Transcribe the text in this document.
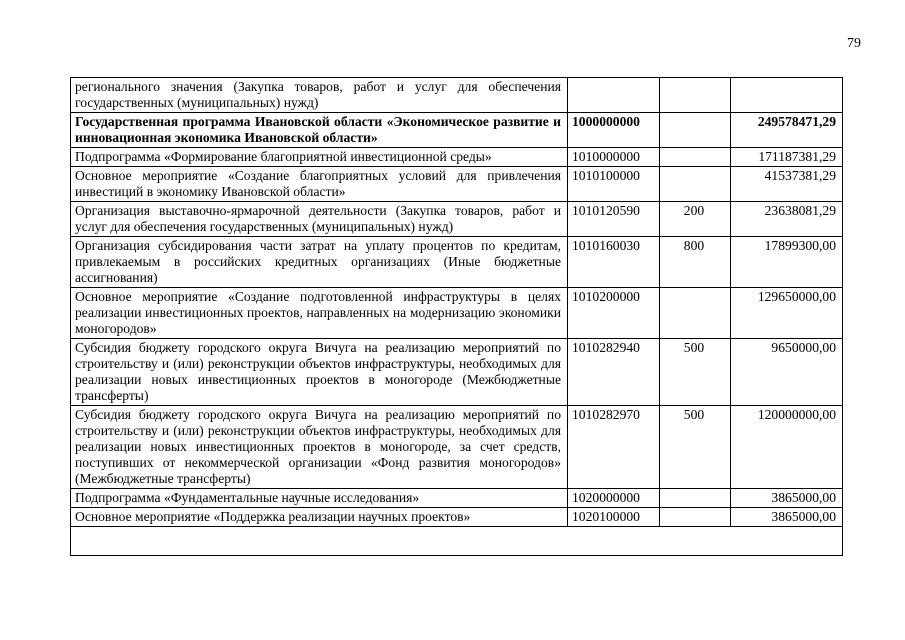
79
регионального значения (Закупка товаров, работ и услуг для обеспечения государственных (муниципальных) нужд)			
Государственная программа Ивановской области «Экономическое развитие и инновационная экономика Ивановской области»	1000000000		249578471,29
Подпрограмма «Формирование благоприятной инвестиционной среды»	1010000000		171187381,29
Основное мероприятие «Создание благоприятных условий для привлечения инвестиций в экономику Ивановской области»	1010100000		41537381,29
Организация выставочно-ярмарочной деятельности (Закупка товаров, работ и услуг для обеспечения государственных (муниципальных) нужд)	1010120590	200	23638081,29
Организация субсидирования части затрат на уплату процентов по кредитам, привлекаемым в российских кредитных организациях (Иные бюджетные ассигнования)	1010160030	800	17899300,00
Основное мероприятие «Создание подготовленной инфраструктуры в целях реализации инвестиционных проектов, направленных на модернизацию экономики моногородов»	1010200000		129650000,00
Субсидия бюджету городского округа Вичуга на реализацию мероприятий по строительству и (или) реконструкции объектов инфраструктуры, необходимых для реализации новых инвестиционных проектов в моногороде (Межбюджетные трансферты)	1010282940	500	9650000,00
Субсидия бюджету городского округа Вичуга на реализацию мероприятий по строительству и (или) реконструкции объектов инфраструктуры, необходимых для реализации новых инвестиционных проектов в моногороде, за счет средств, поступивших от некоммерческой организации «Фонд развития моногородов» (Межбюджетные трансферты)	1010282970	500	120000000,00
Подпрограмма «Фундаментальные научные исследования»	1020000000		3865000,00
Основное мероприятие «Поддержка реализации научных проектов»	1020100000		3865000,00
